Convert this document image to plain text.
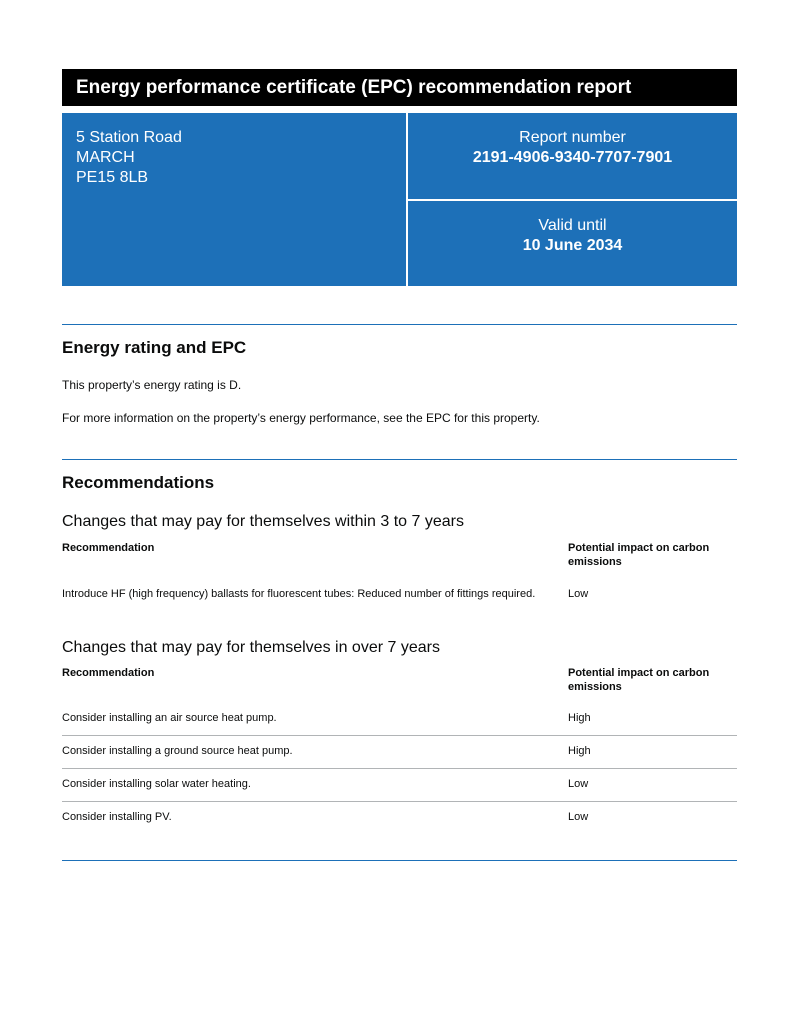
Energy performance certificate (EPC) recommendation report
5 Station Road
MARCH
PE15 8LB
Report number
2191-4906-9340-7707-7901
Valid until
10 June 2034
Energy rating and EPC
This property’s energy rating is D.
For more information on the property’s energy performance, see the EPC for this property.
Recommendations
Changes that may pay for themselves within 3 to 7 years
Recommendation	Potential impact on carbon emissions
Introduce HF (high frequency) ballasts for fluorescent tubes: Reduced number of fittings required.	Low
Changes that may pay for themselves in over 7 years
Recommendation	Potential impact on carbon emissions
Consider installing an air source heat pump.	High
Consider installing a ground source heat pump.	High
Consider installing solar water heating.	Low
Consider installing PV.	Low
